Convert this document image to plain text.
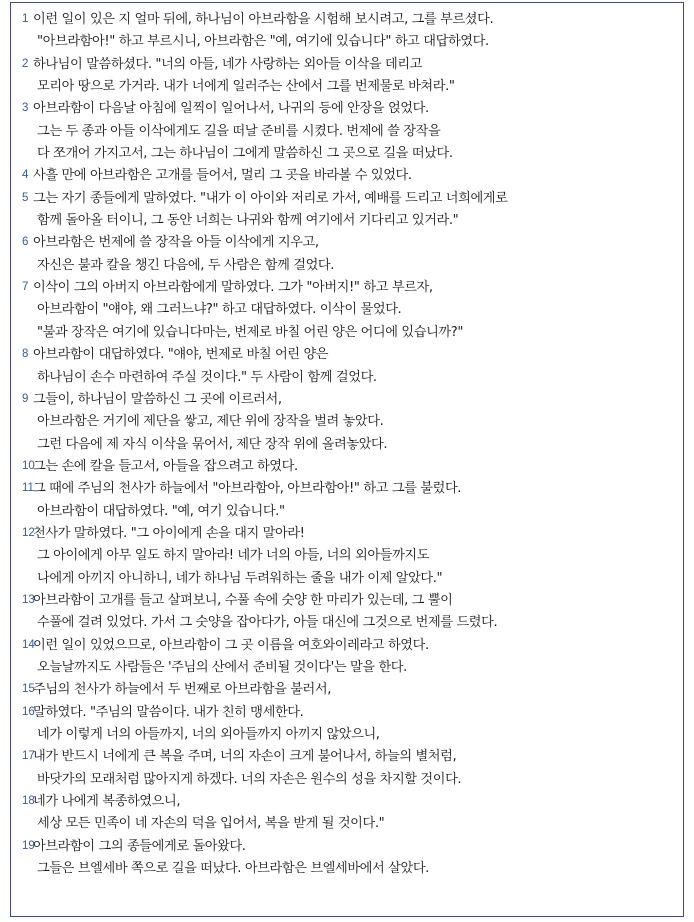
1 이런 일이 있은 지 얼마 뒤에, 하나님이 아브라함을 시험해 보시려고, 그를 부르셨다.
"아브라함아!" 하고 부르시니, 아브라함은 "예, 여기에 있습니다" 하고 대답하였다.
2 하나님이 말씀하셨다. "너의 아들, 네가 사랑하는 외아들 이삭을 데리고
모리아 땅으로 가거라. 내가 너에게 일러주는 산에서 그를 번제물로 바쳐라."
3 아브라함이 다음날 아침에 일찍이 일어나서, 나귀의 등에 안장을 얹었다.
그는 두 종과 아들 이삭에게도 길을 떠날 준비를 시켰다. 번제에 쓸 장작을
다 쪼개어 가지고서, 그는 하나님이 그에게 말씀하신 그 곳으로 길을 떠났다.
4 사흘 만에 아브라함은 고개를 들어서, 멀리 그 곳을 바라볼 수 있었다.
5 그는 자기 종들에게 말하였다. "내가 이 아이와 저리로 가서, 예배를 드리고 너희에게로
함께 돌아올 터이니, 그 동안 너희는 나귀와 함께 여기에서 기다리고 있거라."
6 아브라함은 번제에 쓸 장작을 아들 이삭에게 지우고,
자신은 불과 칼을 챙긴 다음에, 두 사람은 함께 걸었다.
7 이삭이 그의 아버지 아브라함에게 말하였다. 그가 "아버지!" 하고 부르자,
아브라함이 "얘야, 왜 그러느냐?" 하고 대답하였다. 이삭이 물었다.
"불과 장작은 여기에 있습니다마는, 번제로 바칠 어린 양은 어디에 있습니까?"
8 아브라함이 대답하였다. "얘야, 번제로 바칠 어린 양은
하나님이 손수 마련하여 주실 것이다." 두 사람이 함께 걸었다.
9 그들이, 하나님이 말씀하신 그 곳에 이르러서,
아브라함은 거기에 제단을 쌓고, 제단 위에 장작을 벌려 놓았다.
그런 다음에 제 자식 이삭을 묶어서, 제단 장작 위에 올려놓았다.
10
그는 손에 칼을 들고서, 아들을 잡으려고 하였다.
11 그 때에 주님의 천사가 하늘에서 "아브라함아, 아브라함아!" 하고 그를 불렀다.
아브라함이 대답하였다. "예, 여기 있습니다."
12
천사가 말하였다. "그 아이에게 손을 대지 말아라!
그 아이에게 아무 일도 하지 말아라! 네가 너의 아들, 너의 외아들까지도
나에게 아끼지 아니하니, 네가 하나님 두려워하는 줄을 내가 이제 알았다."
13
아브라함이 고개를 들고 살펴보니, 수풀 속에 숫양 한 마리가 있는데, 그 뿔이
수풀에 걸려 있었다. 가서 그 숫양을 잡아다가, 아들 대신에 그것으로 번제를 드렸다.
14
이런 일이 있었으므로, 아브라함이 그 곳 이름을 여호와이레라고 하였다.
오늘날까지도 사람들은 '주님의 산에서 준비될 것이다'는 말을 한다.
15
주님의 천사가 하늘에서 두 번째로 아브라함을 불러서,
16
말하였다. "주님의 말씀이다. 내가 친히 맹세한다.
네가 이렇게 너의 아들까지, 너의 외아들까지 아끼지 않았으니,
17
내가 반드시 너에게 큰 복을 주며, 너의 자손이 크게 불어나서, 하늘의 별처럼,
바닷가의 모래처럼 많아지게 하겠다. 너의 자손은 원수의 성을 차지할 것이다.
18
네가 나에게 복종하였으니,
세상 모든 민족이 네 자손의 덕을 입어서, 복을 받게 될 것이다."
19
아브라함이 그의 종들에게로 돌아왔다.
그들은 브엘세바 쪽으로 길을 떠났다. 아브라함은 브엘세바에서 살았다.
